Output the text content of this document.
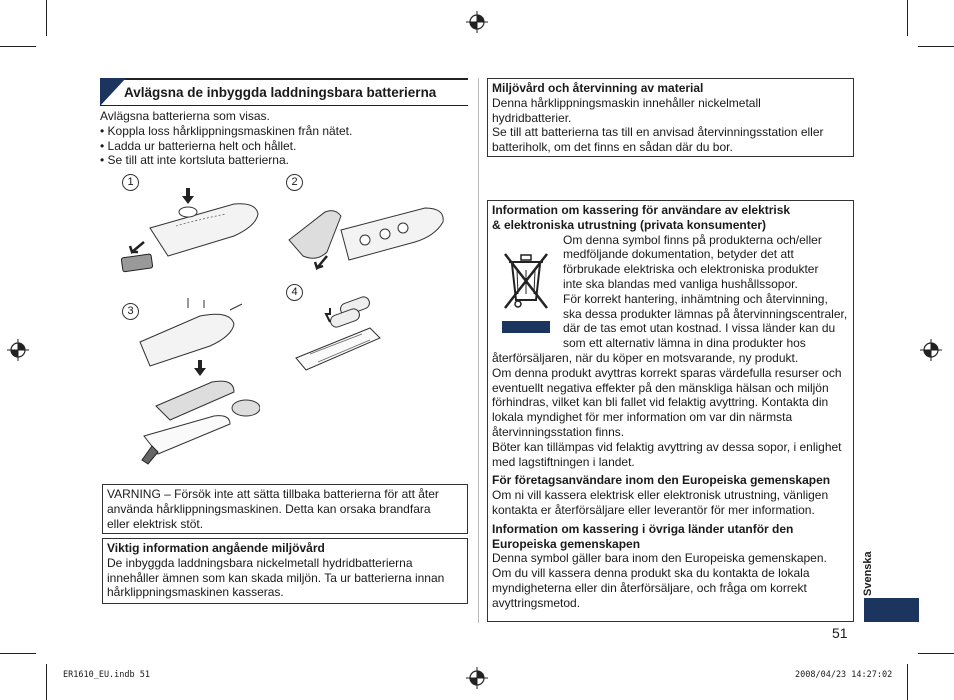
Avlägsna de inbyggda laddningsbara batterierna
Avlägsna batterierna som visas.
• Koppla loss hårklippningsmaskinen från nätet.
• Ladda ur batterierna helt och hållet.
• Se till att inte kortsluta batterierna.
1	2
3
4
VARNING – Försök inte att sätta tillbaka batterierna för att åter
använda hårklippningsmaskinen. Detta kan orsaka brandfara
eller elektrisk stöt.
Viktig information angående miljövård
De inbyggda laddningsbara nickelmetall hydridbatterierna
innehåller ämnen som kan skada miljön. Ta ur batterierna innan
hårklippningsmaskinen kasseras.
Miljövård och återvinning av material
Denna hårklippningsmaskin innehåller nickelmetall
hydridbatterier.
Se till att batterierna tas till en anvisad återvinningsstation eller
batteriholk, om det finns en sådan där du bor.
Information om kassering för användare av elektrisk
& elektroniska utrustning (privata konsumenter)
Om denna symbol finns på produkterna och/eller
medföljande dokumentation, betyder det att
förbrukade elektriska och elektroniska produkter
inte ska blandas med vanliga hushållssopor.
För korrekt hantering, inhämtning och återvinning,
ska dessa produkter lämnas på återvinningscentraler,
där de tas emot utan kostnad. I vissa länder kan du
som ett alternativ lämna in dina produkter hos
återförsäljaren, när du köper en motsvarande, ny produkt.
Om denna produkt avyttras korrekt sparas värdefulla resurser och
eventuellt negativa effekter på den mänskliga hälsan och miljön
förhindras, vilket kan bli fallet vid felaktig avyttring. Kontakta din
lokala myndighet för mer information om var din närmsta
återvinningsstation finns.
Böter kan tillämpas vid felaktig avyttring av dessa sopor, i enlighet
med lagstiftningen i landet.
För företagsanvändare inom den Europeiska gemenskapen
Om ni vill kassera elektrisk eller elektronisk utrustning, vänligen
kontakta er återförsäljare eller leverantör för mer information.
Information om kassering i övriga länder utanför den
Europeiska gemenskapen
Denna symbol gäller bara inom den Europeiska gemenskapen.
Om du vill kassera denna produkt ska du kontakta de lokala
myndigheterna eller din återförsäljare, och fråga om korrekt
avyttringsmetod.
Svenska
51
ER1610_EU.indb 51	2008/04/23 14:27:02
